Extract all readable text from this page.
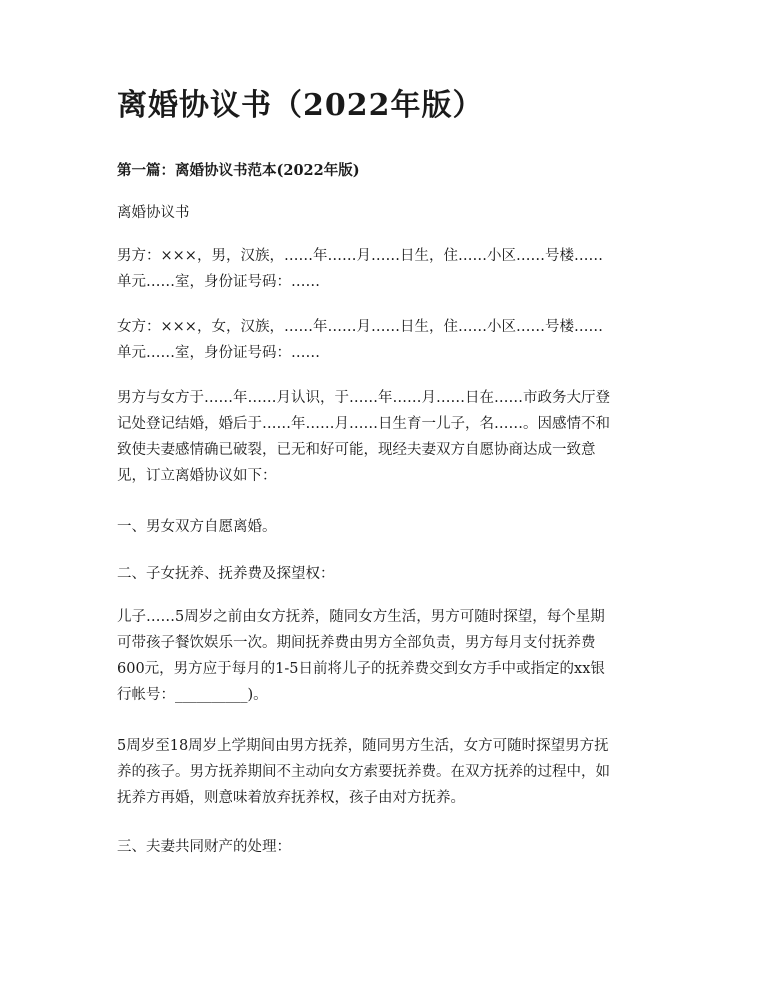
离婚协议书（2022年版）
第一篇：离婚协议书范本(2022年版)
离婚协议书
男方：×××，男，汉族，……年……月……日生，住……小区……号楼……
单元……室，身份证号码：……
女方：×××，女，汉族，……年……月……日生，住……小区……号楼……
单元……室，身份证号码：……
男方与女方于……年……月认识，于……年……月……日在……市政务大厅登
记处登记结婚，婚后于……年……月……日生育一儿子，名……。因感情不和
致使夫妻感情确已破裂，已无和好可能，现经夫妻双方自愿协商达成一致意
见，订立离婚协议如下：
一、男女双方自愿离婚。
二、子女抚养、抚养费及探望权：
儿子……5周岁之前由女方抚养，随同女方生活，男方可随时探望，每个星期
可带孩子餐饮娱乐一次。期间抚养费由男方全部负责，男方每月支付抚养费
600元，男方应于每月的1-5日前将儿子的抚养费交到女方手中或指定的xx银
行帐号：__________)。
5周岁至18周岁上学期间由男方抚养，随同男方生活，女方可随时探望男方抚
养的孩子。男方抚养期间不主动向女方索要抚养费。在双方抚养的过程中，如
抚养方再婚，则意味着放弃抚养权，孩子由对方抚养。
三、夫妻共同财产的处理：
